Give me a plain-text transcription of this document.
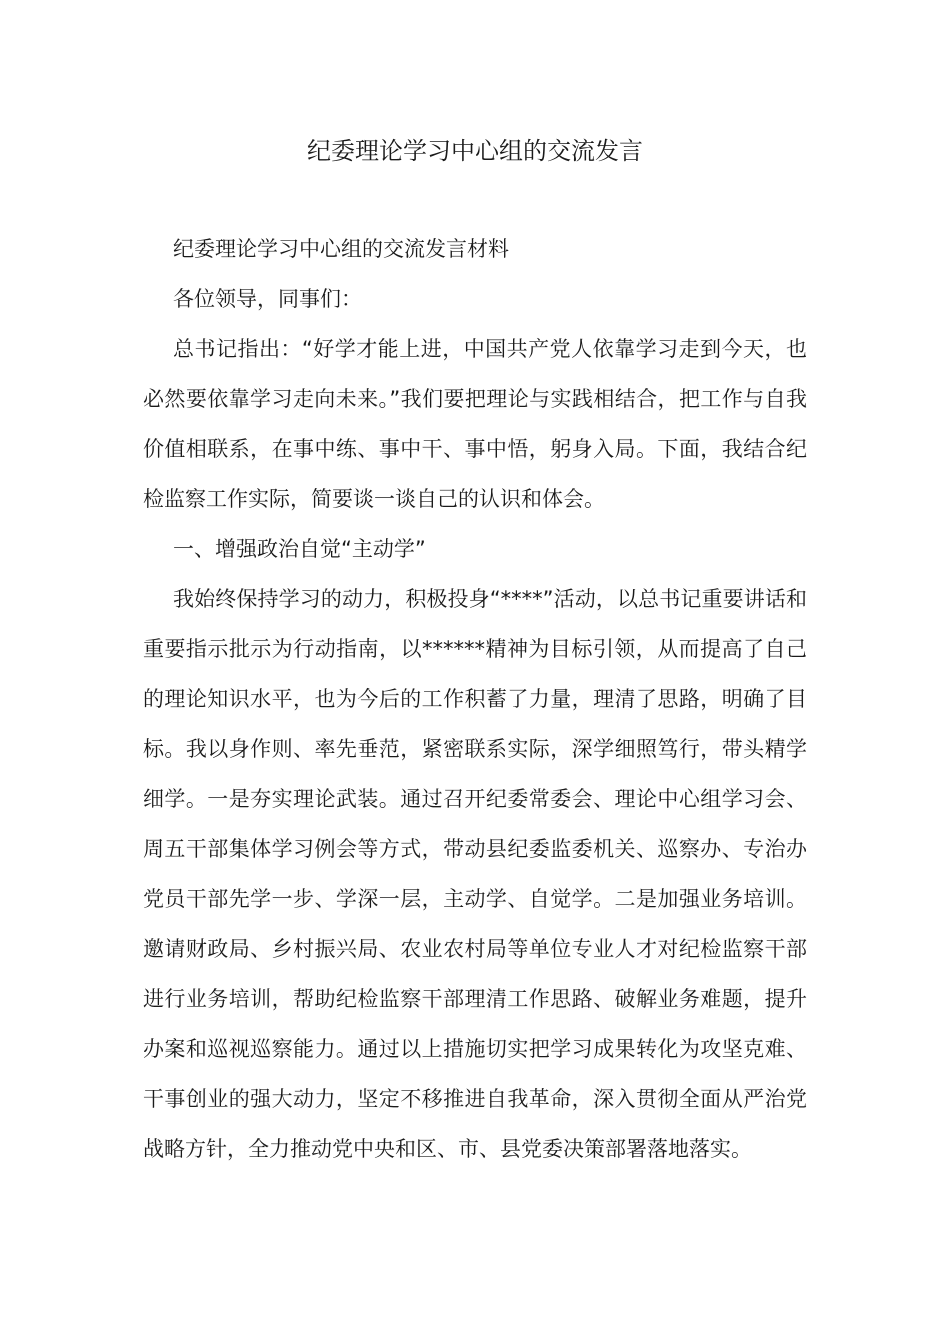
纪委理论学习中心组的交流发言

纪委理论学习中心组的交流发言材料

各位领导，同事们：

总书记指出：“好学才能上进，中国共产党人依靠学习走到今天，也必然要依靠学习走向未来。”我们要把理论与实践相结合，把工作与自我价值相联系，在事中练、事中干、事中悟，躬身入局。下面，我结合纪检监察工作实际，简要谈一谈自己的认识和体会。

一、增强政治自觉“主动学”

我始终保持学习的动力，积极投身“****”活动，以总书记重要讲话和重要指示批示为行动指南，以******精神为目标引领，从而提高了自己的理论知识水平，也为今后的工作积蓄了力量，理清了思路，明确了目标。我以身作则、率先垂范，紧密联系实际，深学细照笃行，带头精学细学。一是夯实理论武装。通过召开纪委常委会、理论中心组学习会、周五干部集体学习例会等方式，带动县纪委监委机关、巡察办、专治办党员干部先学一步、学深一层，主动学、自觉学。二是加强业务培训。邀请财政局、乡村振兴局、农业农村局等单位专业人才对纪检监察干部进行业务培训，帮助纪检监察干部理清工作思路、破解业务难题，提升办案和巡视巡察能力。通过以上措施切实把学习成果转化为攻坚克难、干事创业的强大动力，坚定不移推进自我革命，深入贯彻全面从严治党战略方针，全力推动党中央和区、市、县党委决策部署落地落实。
